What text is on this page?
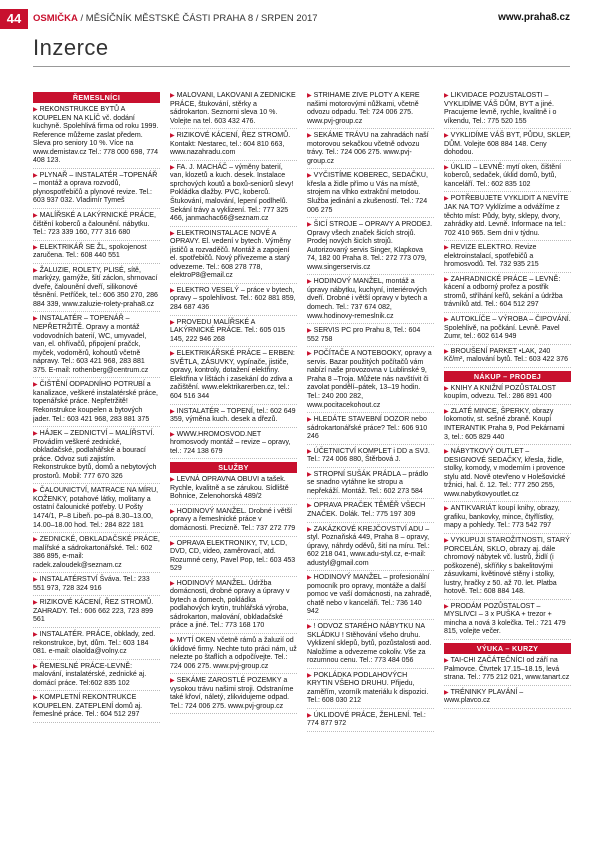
44	OSMIČKA / MĚSÍČNÍK MĚSTSKÉ ČÁSTI PRAHA 8 / SRPEN 2017	www.praha8.cz
Inzerce
ŘEMESLNÍCI
▶ REKONSTRUKCE BYTŮ A KOUPELEN NA KLÍČ vč. dodání kuchyně. Spolehlivá firma od roku 1999. Reference můžeme zaslat předem. Sleva pro seniory 10 %. Více na www.demistav.cz Tel.: 778 000 698, 774 408 123.
▶ PLYNAŘ – INSTALATÉR –TOPENÁŘ – montáž a oprava rozvodů, plynospotřebičů a plynové revize. Tel.: 603 937 032. Vladimír Tymeš
▶ MALÍŘSKÉ A LAKÝRNICKÉ PRÁCE, čištění koberců a čalounění. nábytku. Tel.: 723 339 160, 777 316 680
▶ ELEKTRIKÁŘ SE ŽL, spokojenost zaručena. Tel.: 608 440 551
▶ ŽALUZIE, ROLETY, PLISÉ, sítě, markýzy, garnýže, šití záclon, shrnovací dveře, čalounění dveří, silikonové těsnění. Petříček, tel.: 606 350 270, 286 884 339, www.zaluzie-rolety-praha8.cz
▶ INSTALATÉR – TOPENÁŘ – NEPŘETRŽITĚ. Opravy a montáž vodovodních baterií, WC, umyvadel, van, el. ohřívačů, připojení pračck, myček, vodoměrů, kohoutů včetně nápravy. Tel.: 603 421 968, 283 881 375. E-mail: rothenberg@centrum.cz
▶ ČIŠTĚNÍ ODPADNÍHO POTRUBÍ a kanalizace, veškeré instalatérské práce, topenářské práce. Nepřetržitě! Rekonstrukce koupelen a bytových jader. Tel.: 603 421 968, 283 881 375
▶ HÁJEK – ZEDNICTVÍ – MALÍŘSTVÍ. Provádím veškeré zednické, obkladačské, podlahářské a bourací práce. Odvoz suti zajistím. Rekonstrukce bytů, domů a nebytových prostorů. Mobil: 777 670 326
▶ ČALOUNICTVÍ, MATRACE NA MÍRU, KOŽENKY, potahové látky, molitany a ostatní čalounické potřeby. U Pošty 1474/1, P–8 Libeň. po–pá 8.30–13.00, 14.00–18.00 hod. Tel.: 284 822 181
▶ ZEDNICKÉ, OBKLADAČSKÉ PRÁCE, malířské a sádrokartonářské. Tel.: 602 386 895, e-mail: radek.zaloudek@seznam.cz
▶ INSTALATÉRSTVÍ Šváva. Tel.: 233 551 973, 728 324 916
▶ RIZIKOVÉ KÁCENÍ, ŘEZ STROMŮ. ZAHRADY. Tel.: 606 662 223, 723 899 561
▶ INSTALATÉR. PRÁCE, obklady, zed. rekonstrukce, byt, dům. Tel.: 603 184 081. e-mail: olaolda@volny.cz
▶ ŘEMESLNÉ PRÁCE-LEVNĚ: malování, instalatérské, zednické aj. domácí práce. Tel:602 835 102
▶ KOMPLETNÍ REKONTRUKCE KOUPELEN. ZATEPLENÍ domů aj. řemeslné práce. Tel.: 604 512 297
▶ MALOVÁNÍ, LAKOVÁNÍ A ZEDNICKÉ PRÁCE, štukování, stěrky a sádrokarton. Seznorni sleva 10 %. Volejte na tel. 603 432 476.
▶ RIZIKOVÉ KÁCENÍ, ŘEZ STROMŮ. Kontakt: Nestarec, tel.: 604 810 663, www.nazahradu.com
▶ FA. J. MACHÁČ – výměny baterií, van, klozetů a kuch. desek. Instalace sprchových koutů a boxů-seniorů slevy! Pokládka dlažby. PVC, koberců. Štukování, malování, lepení podlhelů. Sekání trávy a vyklizení. Tel.: 777 325 466, janmachac66@seznam.cz
▶ ELEKTROINSTALACE NOVÉ A OPRAVY. El. vedení v bytech. Výměny jističů a rozvaděčů. Montáž a zapojení el. spotřebičů. Nový přívezeme a starý odvezeme. Tel.: 608 278 778, elektroP8@email.cz
▶ ELEKTRO VESELÝ – práce v bytech, opravy – spolehlivost. Tel.: 602 881 859, 284 687 436
▶ PROVEDU MALÍŘSKÉ A LAKÝRNICKÉ PRÁCE. Tel.: 605 015 145, 222 946 268
▶ ELEKTRIKÁŘSKÉ PRÁCE – ERBEN: SVĚTLA, ZÁSUVKY, vypínače, jističe, opravy, kontroly, dotažení elektřiny. Elektřina v lištách i zasekání do zdiva a začištění. www.elektrikarerben.cz, tel.: 604 516 344
▶ INSTALATÉR – TOPENÍ, tel.: 602 649 359, výměna kuch. desek a dřezů.
▶ WWW.HROMOSVOD.NET hromosvody montáž – revize – opravy, tel.: 724 138 679
SLUŽBY
▶ LEVNÁ OPRAVNA OBUVI a tašek. Rychle, kvalitně a se zárukou. Sídliště Bohnice, Zelenohorská 489/2
▶ HODINOVÝ MANŽEL. Drobné i větší opravy a řemeslnické práce v domácnosti. Precizně. Tel.: 737 272 779
▶ OPRAVA ELEKTRONIKY, TV, LCD, DVD, CD, video, zaměrovací, atd. Rozumné ceny, Pavel Pop, tel.: 603 453 529
▶ HODINOVÝ MANŽEL. Údržba domácnosti, drobné opravy a úpravy v bytech a domech, pokládka podlahových krytin, truhlářská výroba, sádrokarton, malování, obkladačské práce a jiné. Tel.: 773 168 170
▶ MYTÍ OKEN včetně rámů a žaluzií od úklidové firmy. Nechte tuto práci nám, už nelezte po štaflích a odpočívejte. Tel.: 724 006 275. www.pvj-group.cz
▶ SEKÁME ZAROSTLÉ POZEMKY a vysokou trávu našimi stroji. Odstraníme také křoví, náletý, zlikvidujeme odpad. Tel.: 724 006 275. www.pvj-group.cz
▶ STŘÍHÁME ŽIVÉ PLOTY A KEŘE našimi motorovými nůžkami, včetně odvozu odpadu. Tel: 724 006 275. www.pvj-group.cz
▶ SEKÁME TRÁVU na zahradách naší motorovou sekačkou včetně odvozu trávy. Tel.: 724 006 275. www.pvj-group.cz
▶ VYČISTÍME KOBEREC, SEDAČKU, křesla a židle přímo u Vás na místě, strojem na vlhko extrakční metodou. Služba jedinání a zkušeností. Tel.: 724 006 275
▶ ŠICÍ STROJE – OPRAVY A PRODEJ. Opravy všech značek šicích strojů. Prodej nových šicích strojů. Autorizovaný servis Singer, Klapkova 74, 182 00 Praha 8. Tel.: 272 773 079, www.singerservis.cz
▶ HODINOVÝ MANŽEL, montáž a úpravy nábytku, kuchyní, interiérových dveří. Drobné i větší opravy v bytech a domech. Tel.: 737 674 082, www.hodinovy-remeslnik.cz
▶ SERVIS PC pro Prahu 8, Tel.: 604 552 758
▶ POČÍTAČE A NOTEBOOKY, opravy a servis. Bazar použitých počítačů vám nabízí naše provozovna v Lublinské 9, Praha 8 –Troja. Můžete nás navštívit či zavolat pondělí–pátek, 13–19 hodin. Tel.: 240 200 282, www.pocitacekohout.cz
▶ HLEDÁTE STAVEBNÍ DOZOR nebo sádrokartonářské práce? Tel.: 606 910 246
▶ ÚČETNICTVÍ KOMPLET i DD a SVJ. Tel.: 724 006 880, Štěrbová J.
▶ STROPNÍ SUŠÁK PRÁDLA – prádlo se snadno vytáhne ke stropu a nepřekáží. Montáž. Tel.: 602 273 584
▶ OPRAVA PRAČEK TĚMĚŘ VŠECH ZNAČEK. Dolák. Tel.: 775 197 309
▶ ZAKÁZKOVÉ KREJČOVSTVÍ ADU – styl. Poznaňská 449, Praha 8 – opravy, úpravy, náhrdy oděvů, šití na míru. Tel.: 602 218 041, www.adu-styl.cz, e-mail: adustyl@gmail.com
▶ HODINOVÝ MANŽEL – profesionální pomocník pro opravy, montáže a další pomoc ve vaší domácnosti, na zahradě, chatě nebo v kanceláři. Tel.: 736 140 942
▶ ! ODVOZ STARÉHO NÁBYTKU NA SKLÁDKU ! Stěhování všeho druhu. Vyklizení sklepů, bytů, pozůstalosti aod. Naložíme a odvezeme cokoliv. Vše za rozumnou cenu. Tel.: 773 484 056
▶ POKLÁDKA PODLAHOVÝCH KRYTIN VŠEHO DRUHU. Přijedu, zaměřím, vzorník materiálu k dispozici. Tel.: 608 030 212
▶ ÚKLIDOVÉ PRÁCE, ŽEHLENÍ. Tel.: 774 877 972
▶ LIKVIDACE POZŮSTALOSTÍ – VYKLIDÍME VÁŠ DŮM, BYT a jiné. Pracujeme levně, rychle, kvalitně i o víkendu, Tel.: 775 520 155
▶ VYKLIDÍME VÁŠ BYT, PŮDU, SKLEP, DŮM. Volejte 608 884 148. Ceny dohodou.
▶ ÚKLID – LEVNĚ: mytí oken, čištění koberců, sedaček, úklid domů, bytů, kanceláří. Tel.: 602 835 102
▶ POTŘEBUJETE VYKLIDIT A NEVÍTE JAK NA TO? Vyklízíme a odvážíme z těchto míst: Půdy, byty, sklepy, dvory, zahrádky atd. Levně. Informace na tel.: 702 410 965. Sem dni v týdnu.
▶ REVIZE ELEKTRO. Revize elektroinstalací, spotřebičů a hromosvodů. Tel. 732 935 215
▶ ZAHRADNICKÉ PRÁCE – LEVNĚ: kácení a odborný prořez a postřik stromů, stříhání keřů, sekání a údržba trávníků atd. Tel.: 604 512 297
▶ AUTOKLÍČE – VÝROBA – ČIPOVÁNÍ. Spolehlivě, na počkání. Levně. Pavel Zumr, tel.: 602 614 949
▶ BROUŠENÍ PARKET •LAK, 240 Kč/m², malování bytů. Tel.: 603 422 376
NÁKUP – PRODEJ
▶ KNIHY A KNIŽNÍ POZŮSTALOST koupím, odvezu. Tel.: 286 891 400
▶ ZLATÉ MINCE, ŠPERKY, obrazy lokomotiv, st. sešné zbraně. Koupí INTERANTIK Praha 9, Pod Pekárnami 3, tel.: 605 829 440
▶ NÁBYTKOVÝ OUTLET – DESIGNOVÉ SEDAČKY, křesla, židle, stolky, komody, v moderním i provence stylu atd. Nově otevřeno v Holešovické tržnici, hal. č. 12. Tel.: 777 250 255, www.nabytkovyoutlet.cz
▶ ANTIKVARIÁT koupí knihy, obrazy, grafiku, bankovky, mince, čtyřlístky, mapy a pohledy. Tel.: 773 542 797
▶ VYKUPUJI STAROŽITNOSTI, STARÝ PORCELÁN, SKLO, obrazy aj. dále chromový nábytek vč. lustrů, židlí (i poškozené), skříňky s bakelitovými zásuvkami, květinové stěny i stolky, lustry, hračky z 50. až 70. let. Platba hotově. Tel.: 608 884 148.
▶ PRODÁM POZŮSTALOST – MYSLIVCI – 3 x PUŠKA + trezor + mincha a nová 3 kolečka. Tel.: 721 479 815, volejte večer.
VÝUKA – KURZY
▶ TAI-CHI ZAČÁTEČNÍCI od září na Palmovce. Čtvrtek 17.15–18.15, levá strana. Tel.: 775 212 021, www.tanart.cz
▶ TRÉNINKY PLAVÁNÍ – www.plavco.cz
